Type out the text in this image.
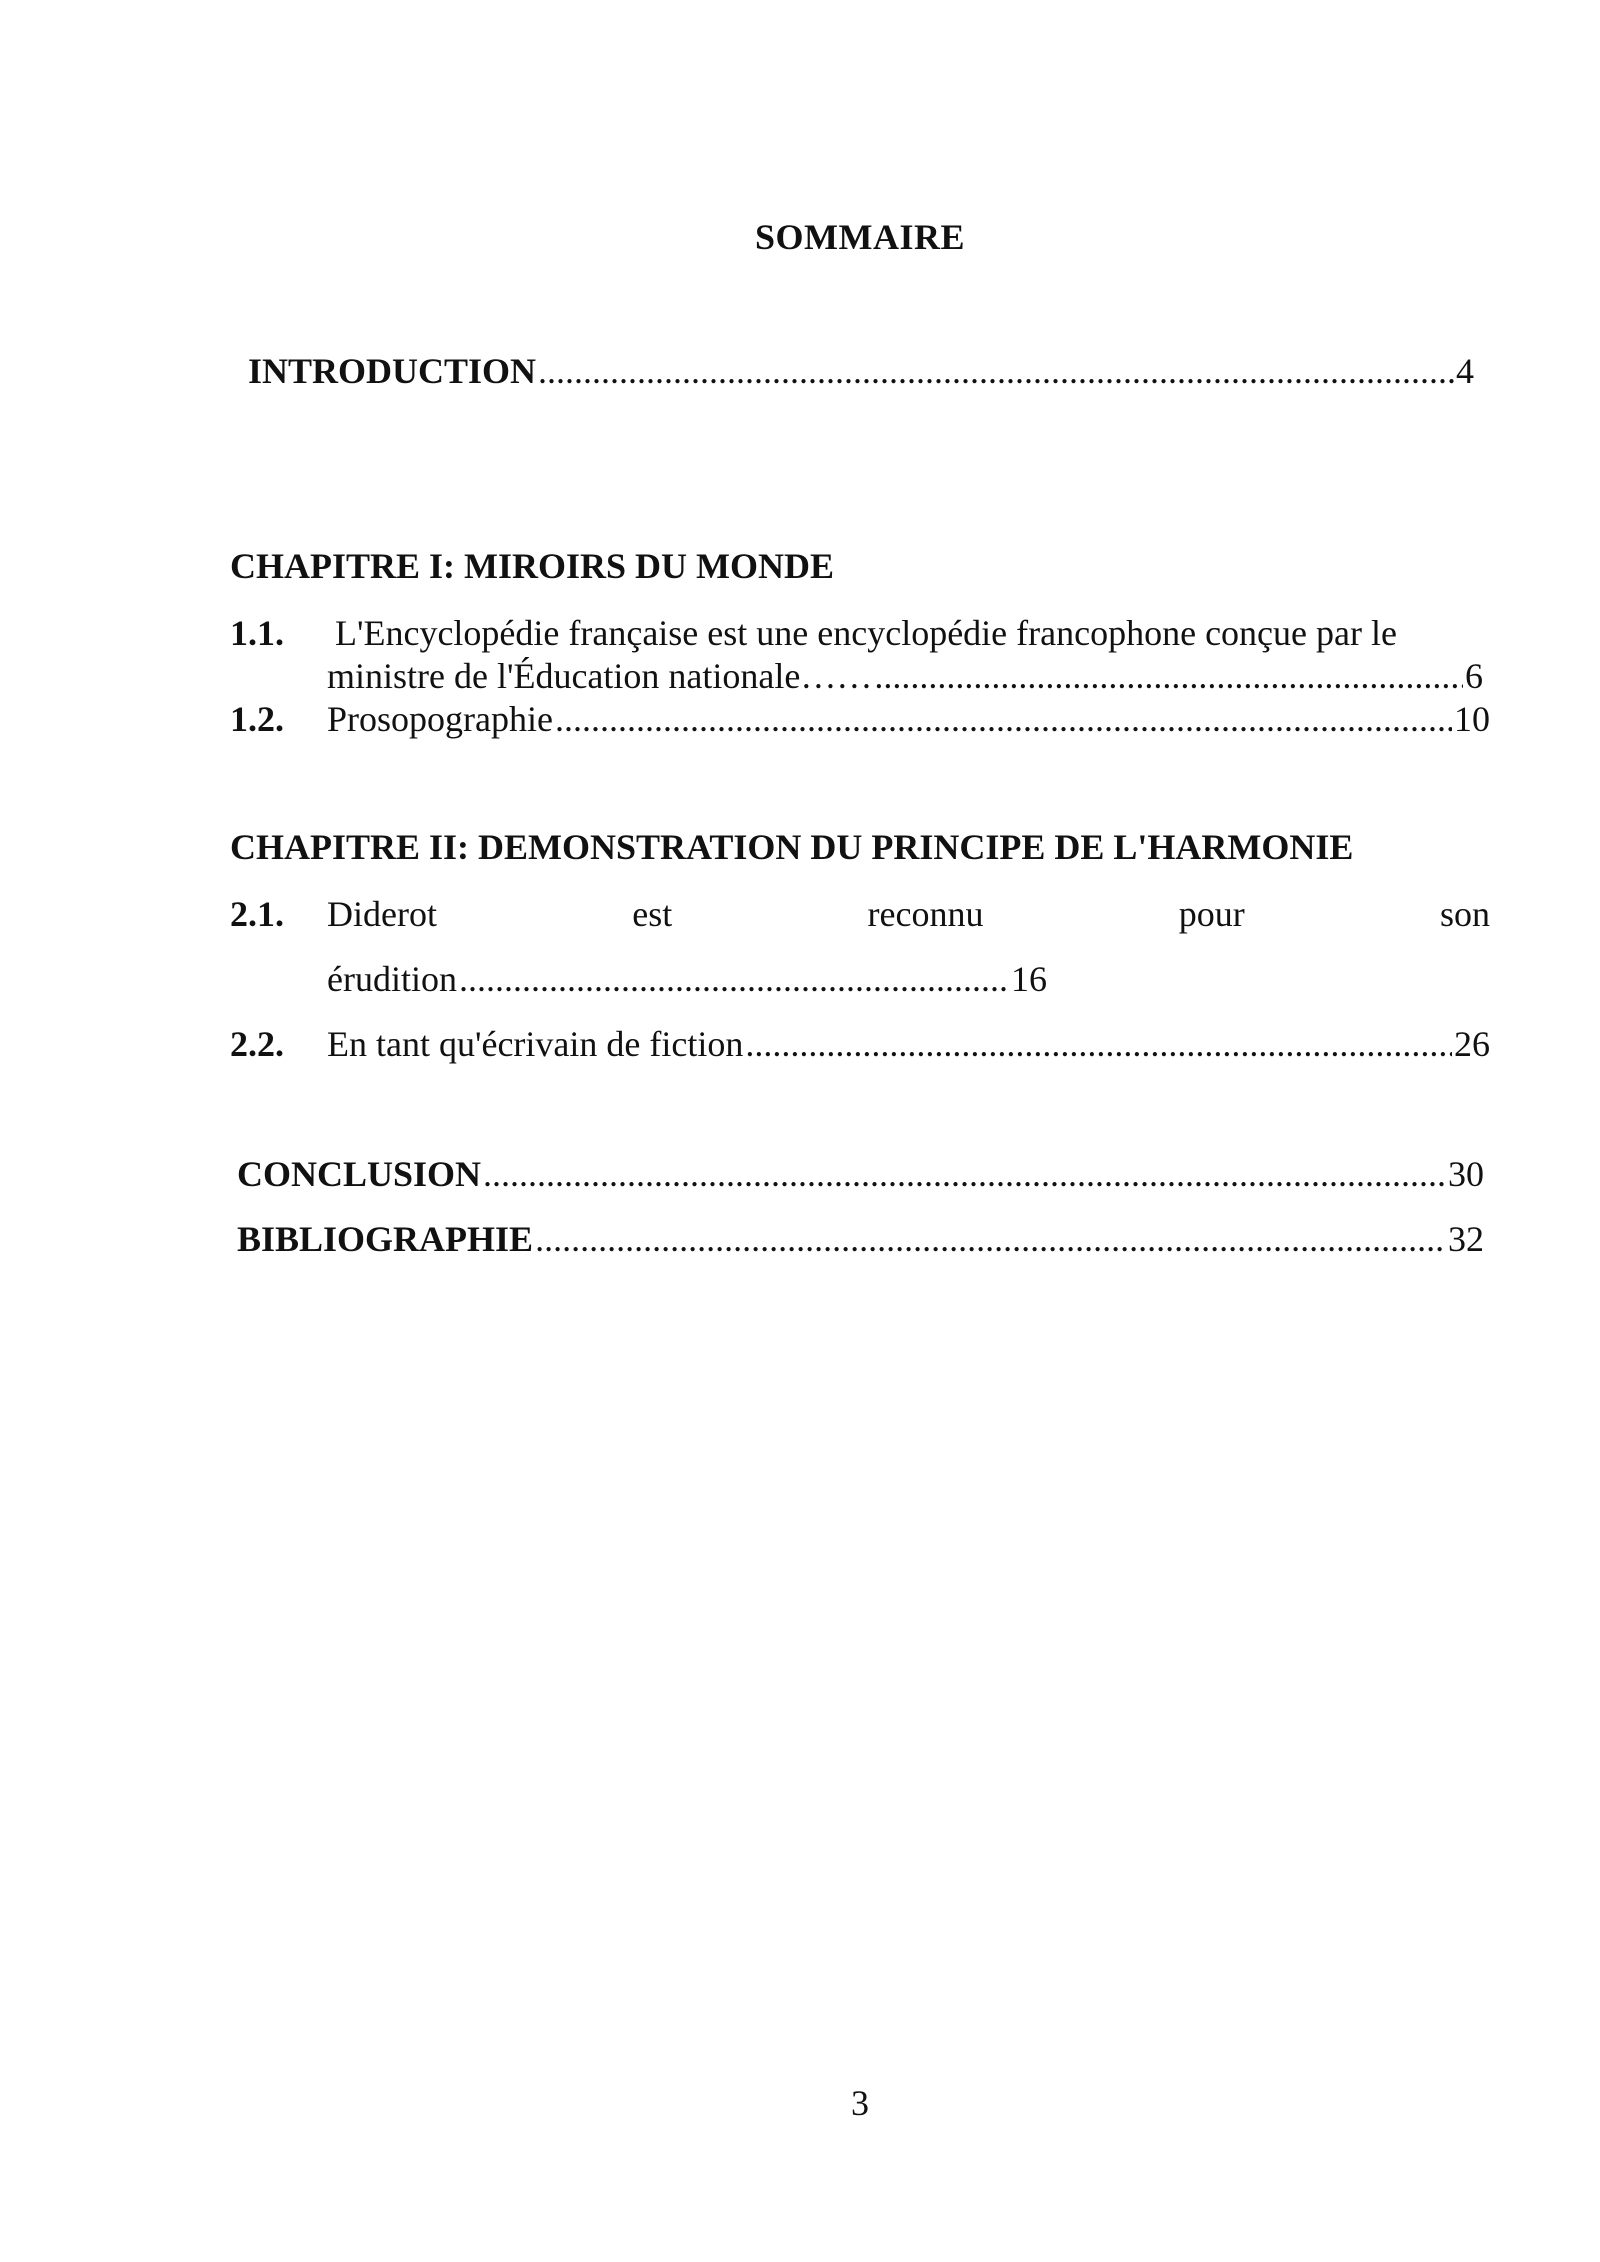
SOMMAIRE
INTRODUCTION .....	4
CHAPITRE I: MIROIRS DU MONDE
1.1. L'Encyclopédie française est une encyclopédie francophone conçue par le
ministre de l'Éducation nationale…… .....	6
1.2. Prosopographie .....	10
CHAPITRE II: DEMONSTRATION DU PRINCIPE DE L'HARMONIE
2.1. Diderot	est	reconnu	pour	son
érudition .....	16
2.2. En tant qu'écrivain de fiction .....	26
CONCLUSION .....	30
BIBLIOGRAPHIE .....	32
3
